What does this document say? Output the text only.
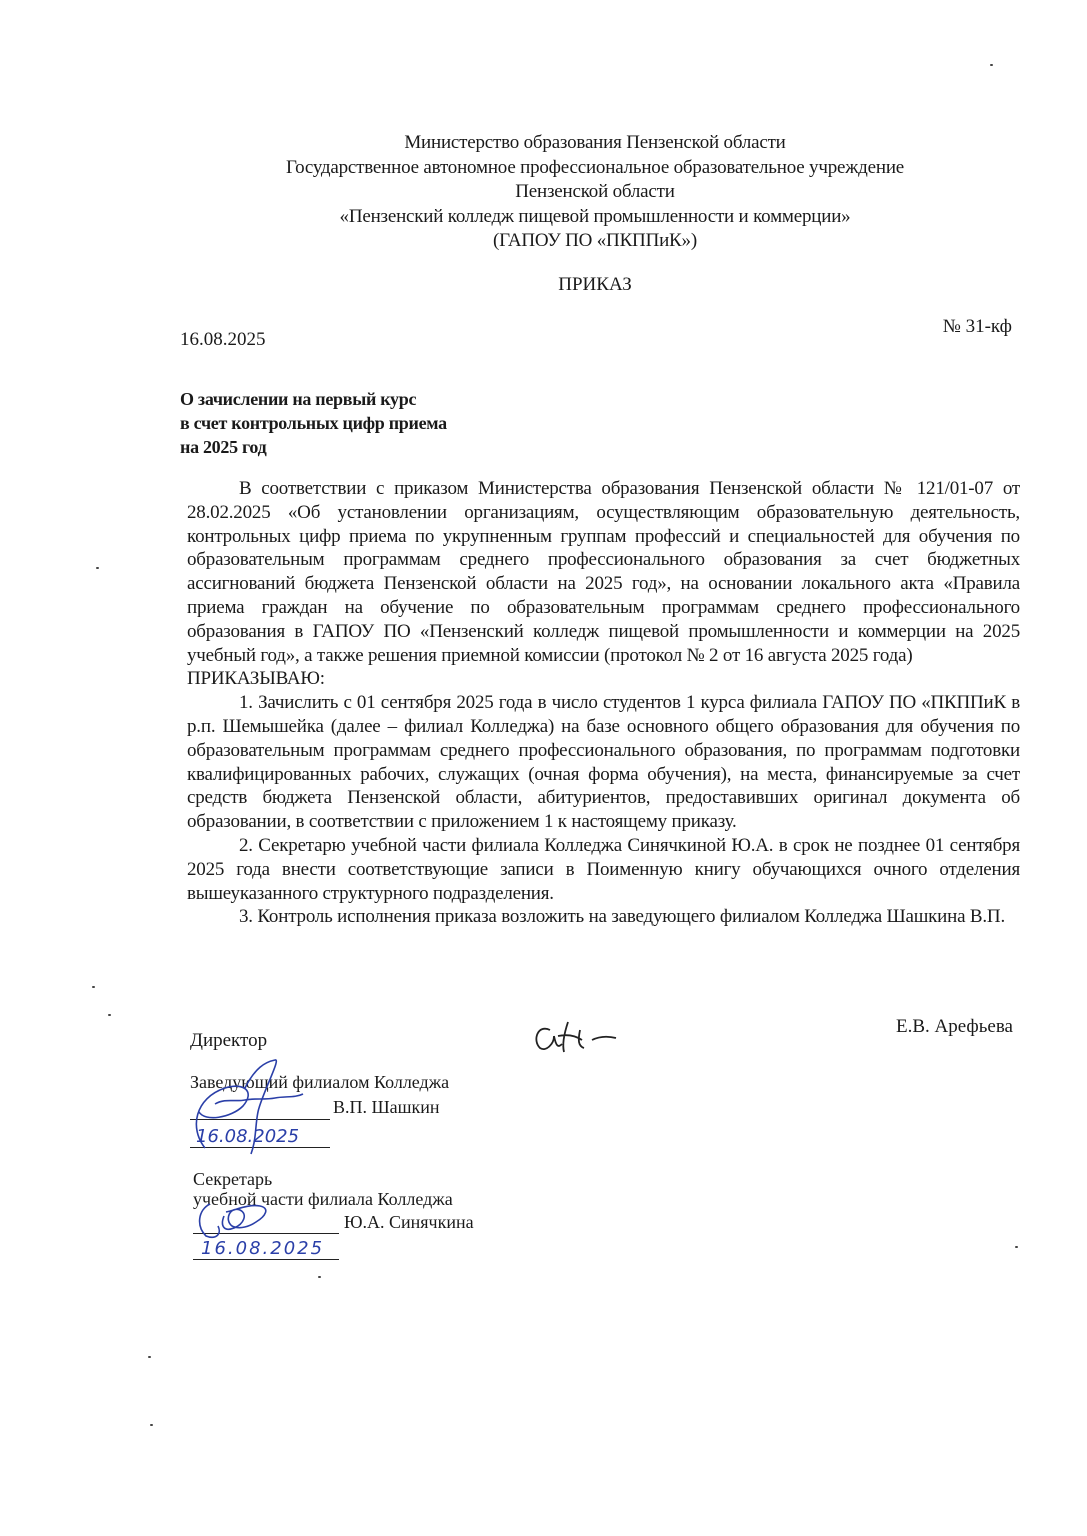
Министерство образования Пензенской области
Государственное автономное профессиональное образовательное учреждение
Пензенской области
«Пензенский колледж пищевой промышленности и коммерции»
(ГАПОУ ПО «ПКППиК»)
ПРИКАЗ
16.08.2025
№ 31-кф
О зачислении на первый курс
в счет контрольных цифр приема
на 2025 год

В соответствии с приказом Министерства образования Пензенской области № 121/01-07 от 28.02.2025 «Об установлении организациям, осуществляющим образовательную деятельность, контрольных цифр приема по укрупненным группам профессий и специальностей для обучения по образовательным программам среднего профессионального образования за счет бюджетных ассигнований бюджета Пензенской области на 2025 год», на основании локального акта «Правила приема граждан на обучение по образовательным программам среднего профессионального образования в ГАПОУ ПО «Пензенский колледж пищевой промышленности и коммерции на 2025 учебный год», а также решения приемной комиссии (протокол № 2 от 16 августа 2025 года)

ПРИКАЗЫВАЮ:

1. Зачислить с 01 сентября 2025 года в число студентов 1 курса филиала ГАПОУ ПО «ПКППиК в р.п. Шемышейка (далее – филиал Колледжа) на базе основного общего образования для обучения по образовательным программам среднего профессионального образования, по программам подготовки квалифицированных рабочих, служащих (очная форма обучения), на места, финансируемые за счет средств бюджета Пензенской области, абитуриентов, предоставивших оригинал документа об образовании, в соответствии с приложением 1 к настоящему приказу.

2. Секретарю учебной части филиала Колледжа Синячкиной Ю.А. в срок не позднее 01 сентября 2025 года внести соответствующие записи в Поименную книгу обучающихся очного отделения вышеуказанного структурного подразделения.

3. Контроль исполнения приказа возложить на заведующего филиалом Колледжа Шашкина В.П.

Директор
Е.В. Арефьева
Заведующий филиалом Колледжа
В.П. Шашкин
16.08.2025
Секретарь
учебной части филиала Колледжа
Ю.А. Синячкина
16.08.2025
